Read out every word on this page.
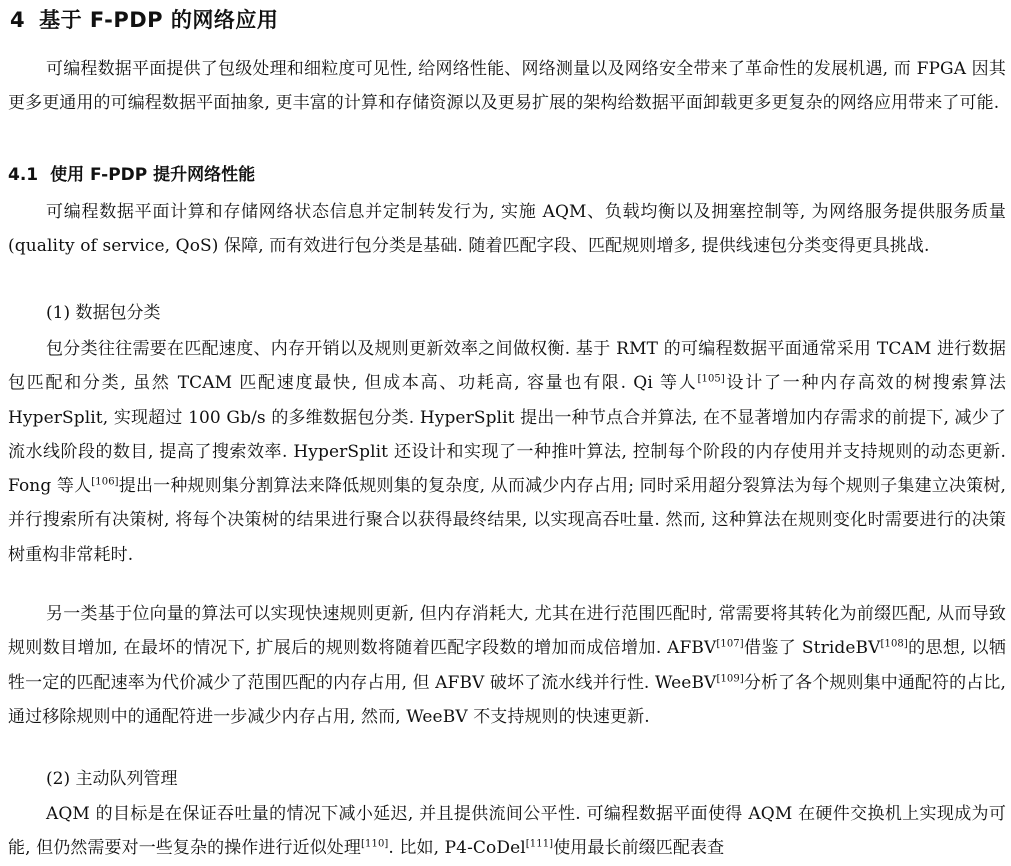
4 基于 F-PDP 的网络应用

可编程数据平面提供了包级处理和细粒度可见性, 给网络性能、网络测量以及网络安全带来了革命性的发展机遇, 而 FPGA 因其更多更通用的可编程数据平面抽象, 更丰富的计算和存储资源以及更易扩展的架构给数据平面卸载更多更复杂的网络应用带来了可能.

4.1 使用 F-PDP 提升网络性能

可编程数据平面计算和存储网络状态信息并定制转发行为, 实施 AQM、负载均衡以及拥塞控制等, 为网络服务提供服务质量 (quality of service, QoS) 保障, 而有效进行包分类是基础. 随着匹配字段、匹配规则增多, 提供线速包分类变得更具挑战.

(1) 数据包分类

包分类往往需要在匹配速度、内存开销以及规则更新效率之间做权衡. 基于 RMT 的可编程数据平面通常采用 TCAM 进行数据包匹配和分类, 虽然 TCAM 匹配速度最快, 但成本高、功耗高, 容量也有限. Qi 等人[105]设计了一种内存高效的树搜索算法 HyperSplit, 实现超过 100 Gb/s 的多维数据包分类. HyperSplit 提出一种节点合并算法, 在不显著增加内存需求的前提下, 减少了流水线阶段的数目, 提高了搜索效率. HyperSplit 还设计和实现了一种推叶算法, 控制每个阶段的内存使用并支持规则的动态更新. Fong 等人[106]提出一种规则集分割算法来降低规则集的复杂度, 从而减少内存占用; 同时采用超分裂算法为每个规则子集建立决策树, 并行搜索所有决策树, 将每个决策树的结果进行聚合以获得最终结果, 以实现高吞吐量. 然而, 这种算法在规则变化时需要进行的决策树重构非常耗时.

另一类基于位向量的算法可以实现快速规则更新, 但内存消耗大, 尤其在进行范围匹配时, 常需要将其转化为前缀匹配, 从而导致规则数目增加, 在最坏的情况下, 扩展后的规则数将随着匹配字段数的增加而成倍增加. AFBV[107]借鉴了 StrideBV[108]的思想, 以牺牲一定的匹配速率为代价减少了范围匹配的内存占用, 但 AFBV 破坏了流水线并行性. WeeBV[109]分析了各个规则集中通配符的占比, 通过移除规则中的通配符进一步减少内存占用, 然而, WeeBV 不支持规则的快速更新.

(2) 主动队列管理

AQM 的目标是在保证吞吐量的情况下减小延迟, 并且提供流间公平性. 可编程数据平面使得 AQM 在硬件交换机上实现成为可能, 但仍然需要对一些复杂的操作进行近似处理[110]. 比如, P4-CoDel[111]使用最长前缀匹配表查
